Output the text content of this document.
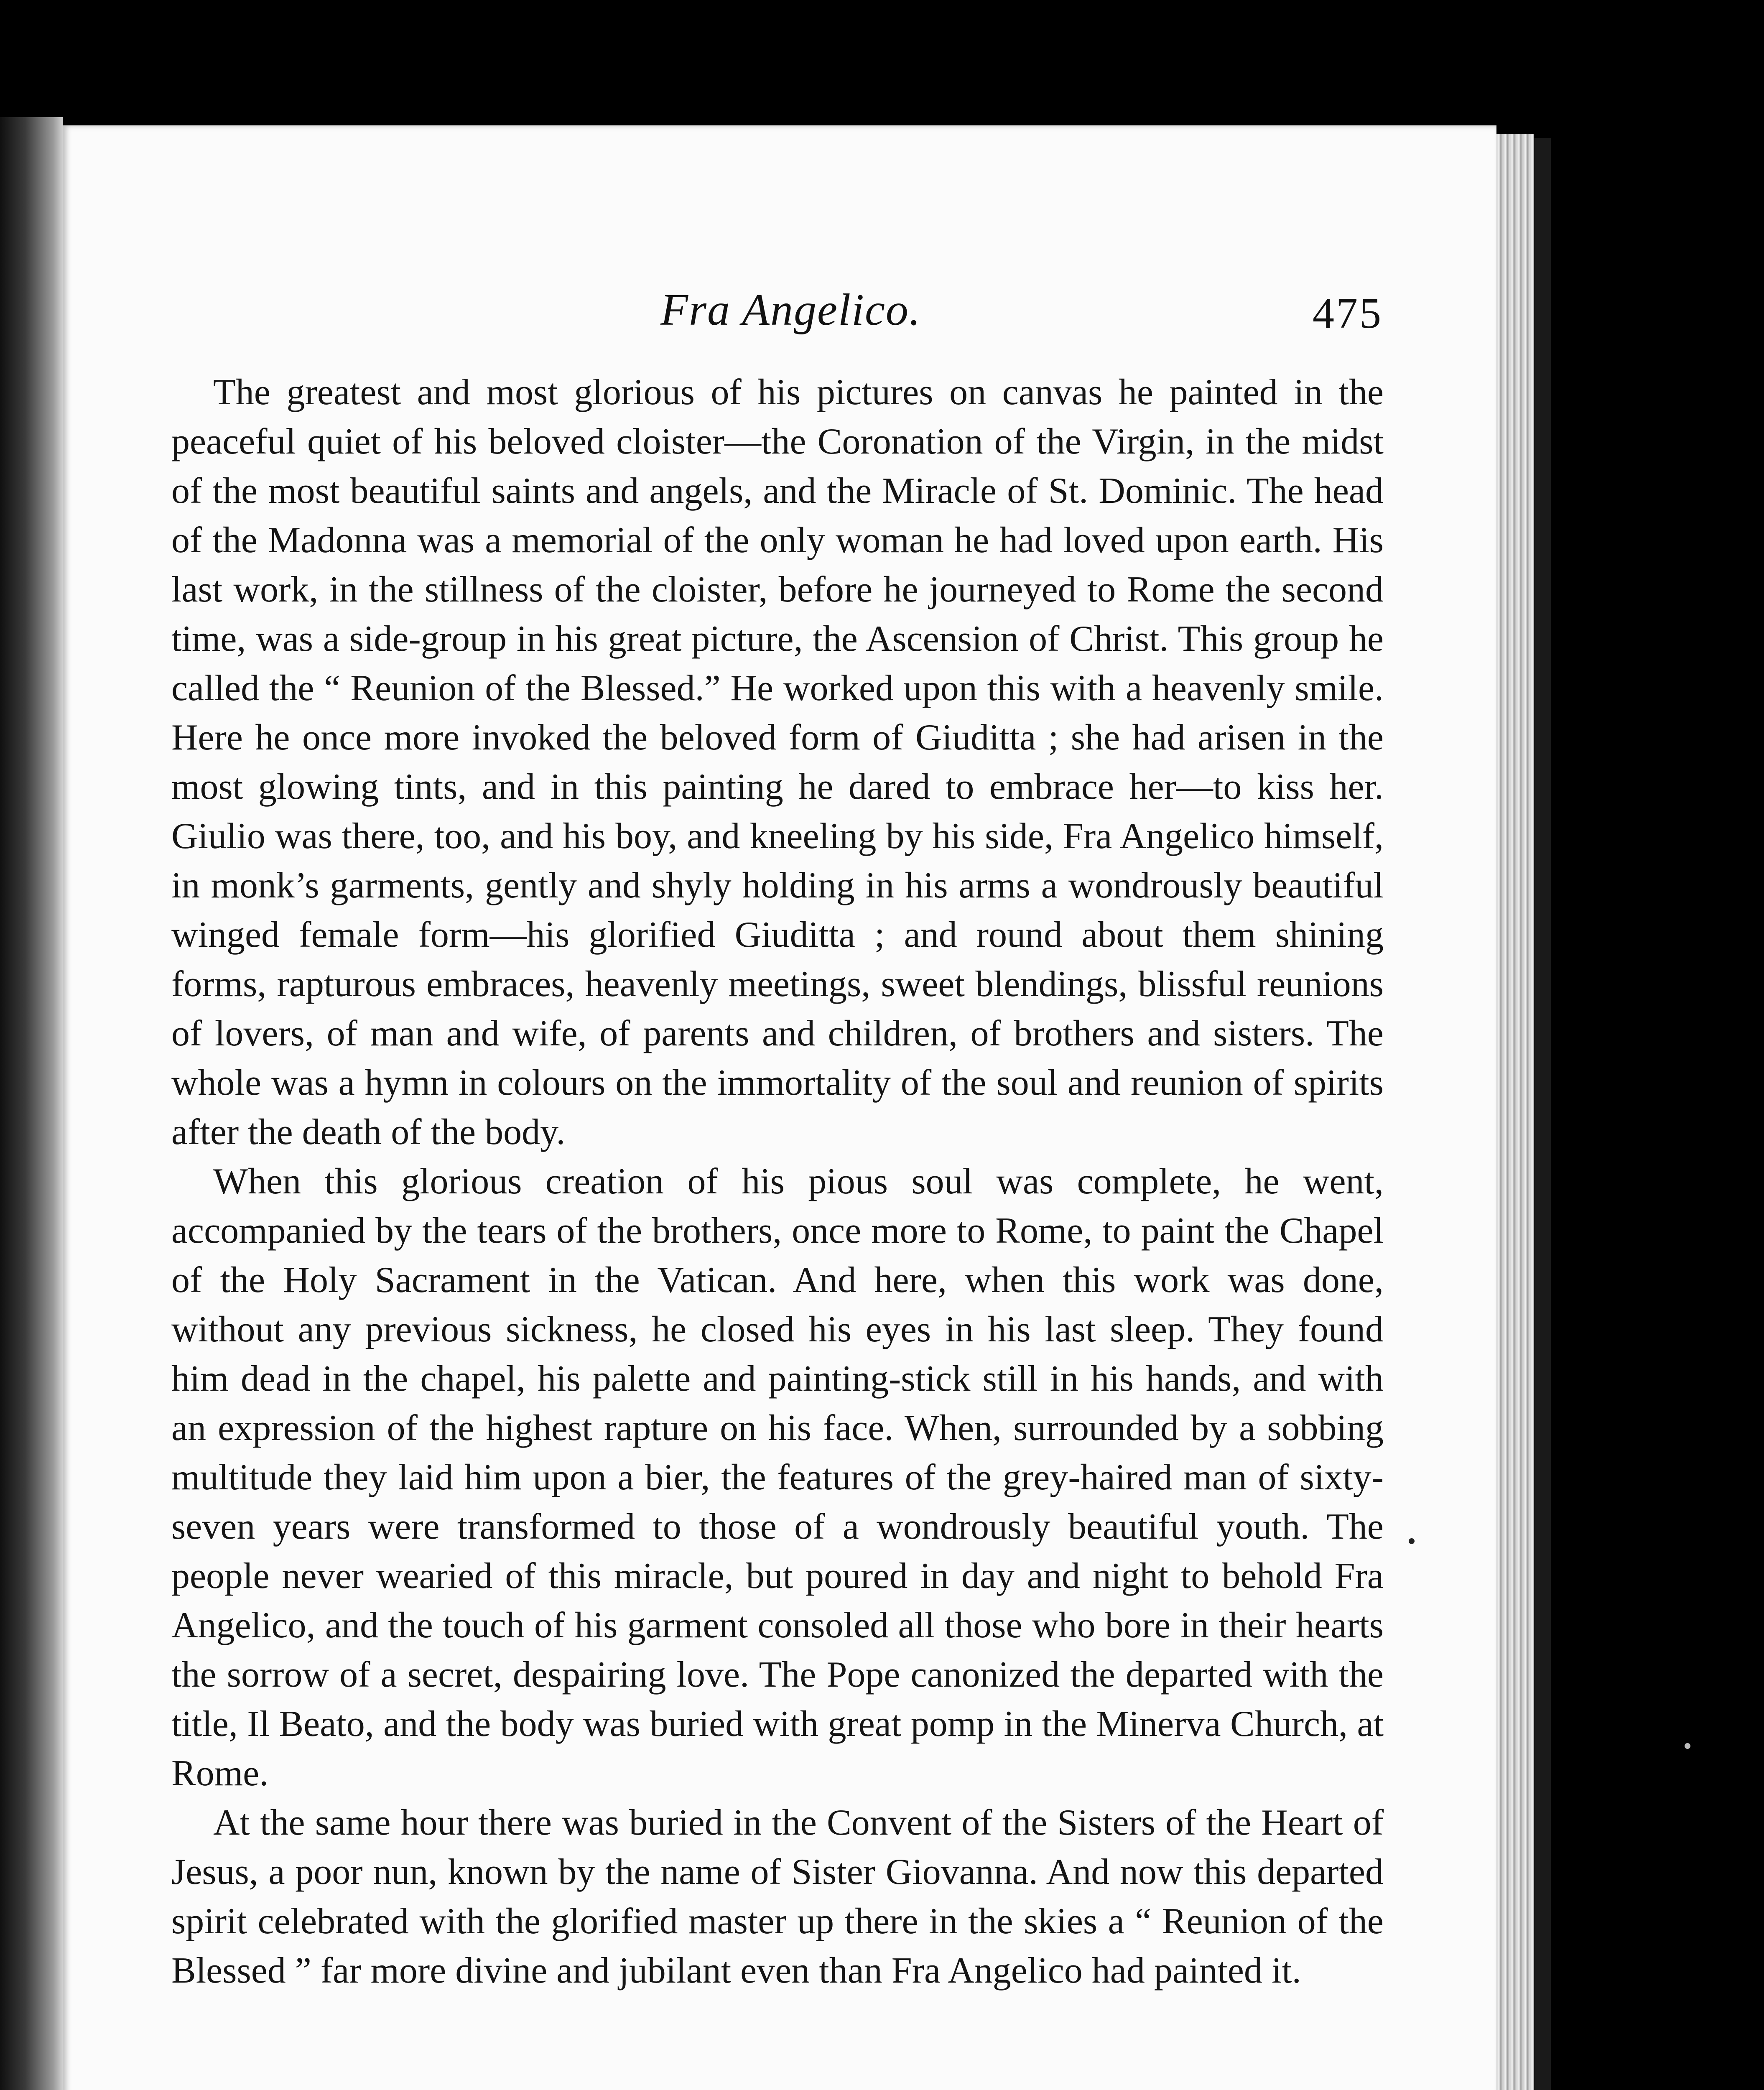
Fra Angelico.	475

The greatest and most glorious of his pictures on canvas he painted in the peaceful quiet of his beloved cloister—the Coronation of the Virgin, in the midst of the most beautiful saints and angels, and the Miracle of St. Dominic. The head of the Madonna was a memorial of the only woman he had loved upon earth. His last work, in the stillness of the cloister, before he journeyed to Rome the second time, was a side-group in his great picture, the Ascension of Christ. This group he called the “ Reunion of the Blessed.” He worked upon this with a heavenly smile. Here he once more invoked the beloved form of Giuditta ; she had arisen in the most glowing tints, and in this painting he dared to embrace her—to kiss her. Giulio was there, too, and his boy, and kneeling by his side, Fra Angelico himself, in monk’s garments, gently and shyly holding in his arms a wondrously beautiful winged female form—his glorified Giuditta ; and round about them shining forms, rapturous embraces, heavenly meetings, sweet blendings, blissful reunions of lovers, of man and wife, of parents and children, of brothers and sisters. The whole was a hymn in colours on the immortality of the soul and reunion of spirits after the death of the body.

When this glorious creation of his pious soul was complete, he went, accompanied by the tears of the brothers, once more to Rome, to paint the Chapel of the Holy Sacrament in the Vatican. And here, when this work was done, without any previous sickness, he closed his eyes in his last sleep. They found him dead in the chapel, his palette and painting-stick still in his hands, and with an expression of the highest rapture on his face. When, surrounded by a sobbing multitude they laid him upon a bier, the features of the grey-haired man of sixty-seven years were transformed to those of a wondrously beautiful youth. The people never wearied of this miracle, but poured in day and night to behold Fra Angelico, and the touch of his garment consoled all those who bore in their hearts the sorrow of a secret, despairing love. The Pope canonized the departed with the title, Il Beato, and the body was buried with great pomp in the Minerva Church, at Rome.

At the same hour there was buried in the Convent of the Sisters of the Heart of Jesus, a poor nun, known by the name of Sister Giovanna. And now this departed spirit celebrated with the glorified master up there in the skies a “ Reunion of the Blessed ” far more divine and jubilant even than Fra Angelico had painted it.
